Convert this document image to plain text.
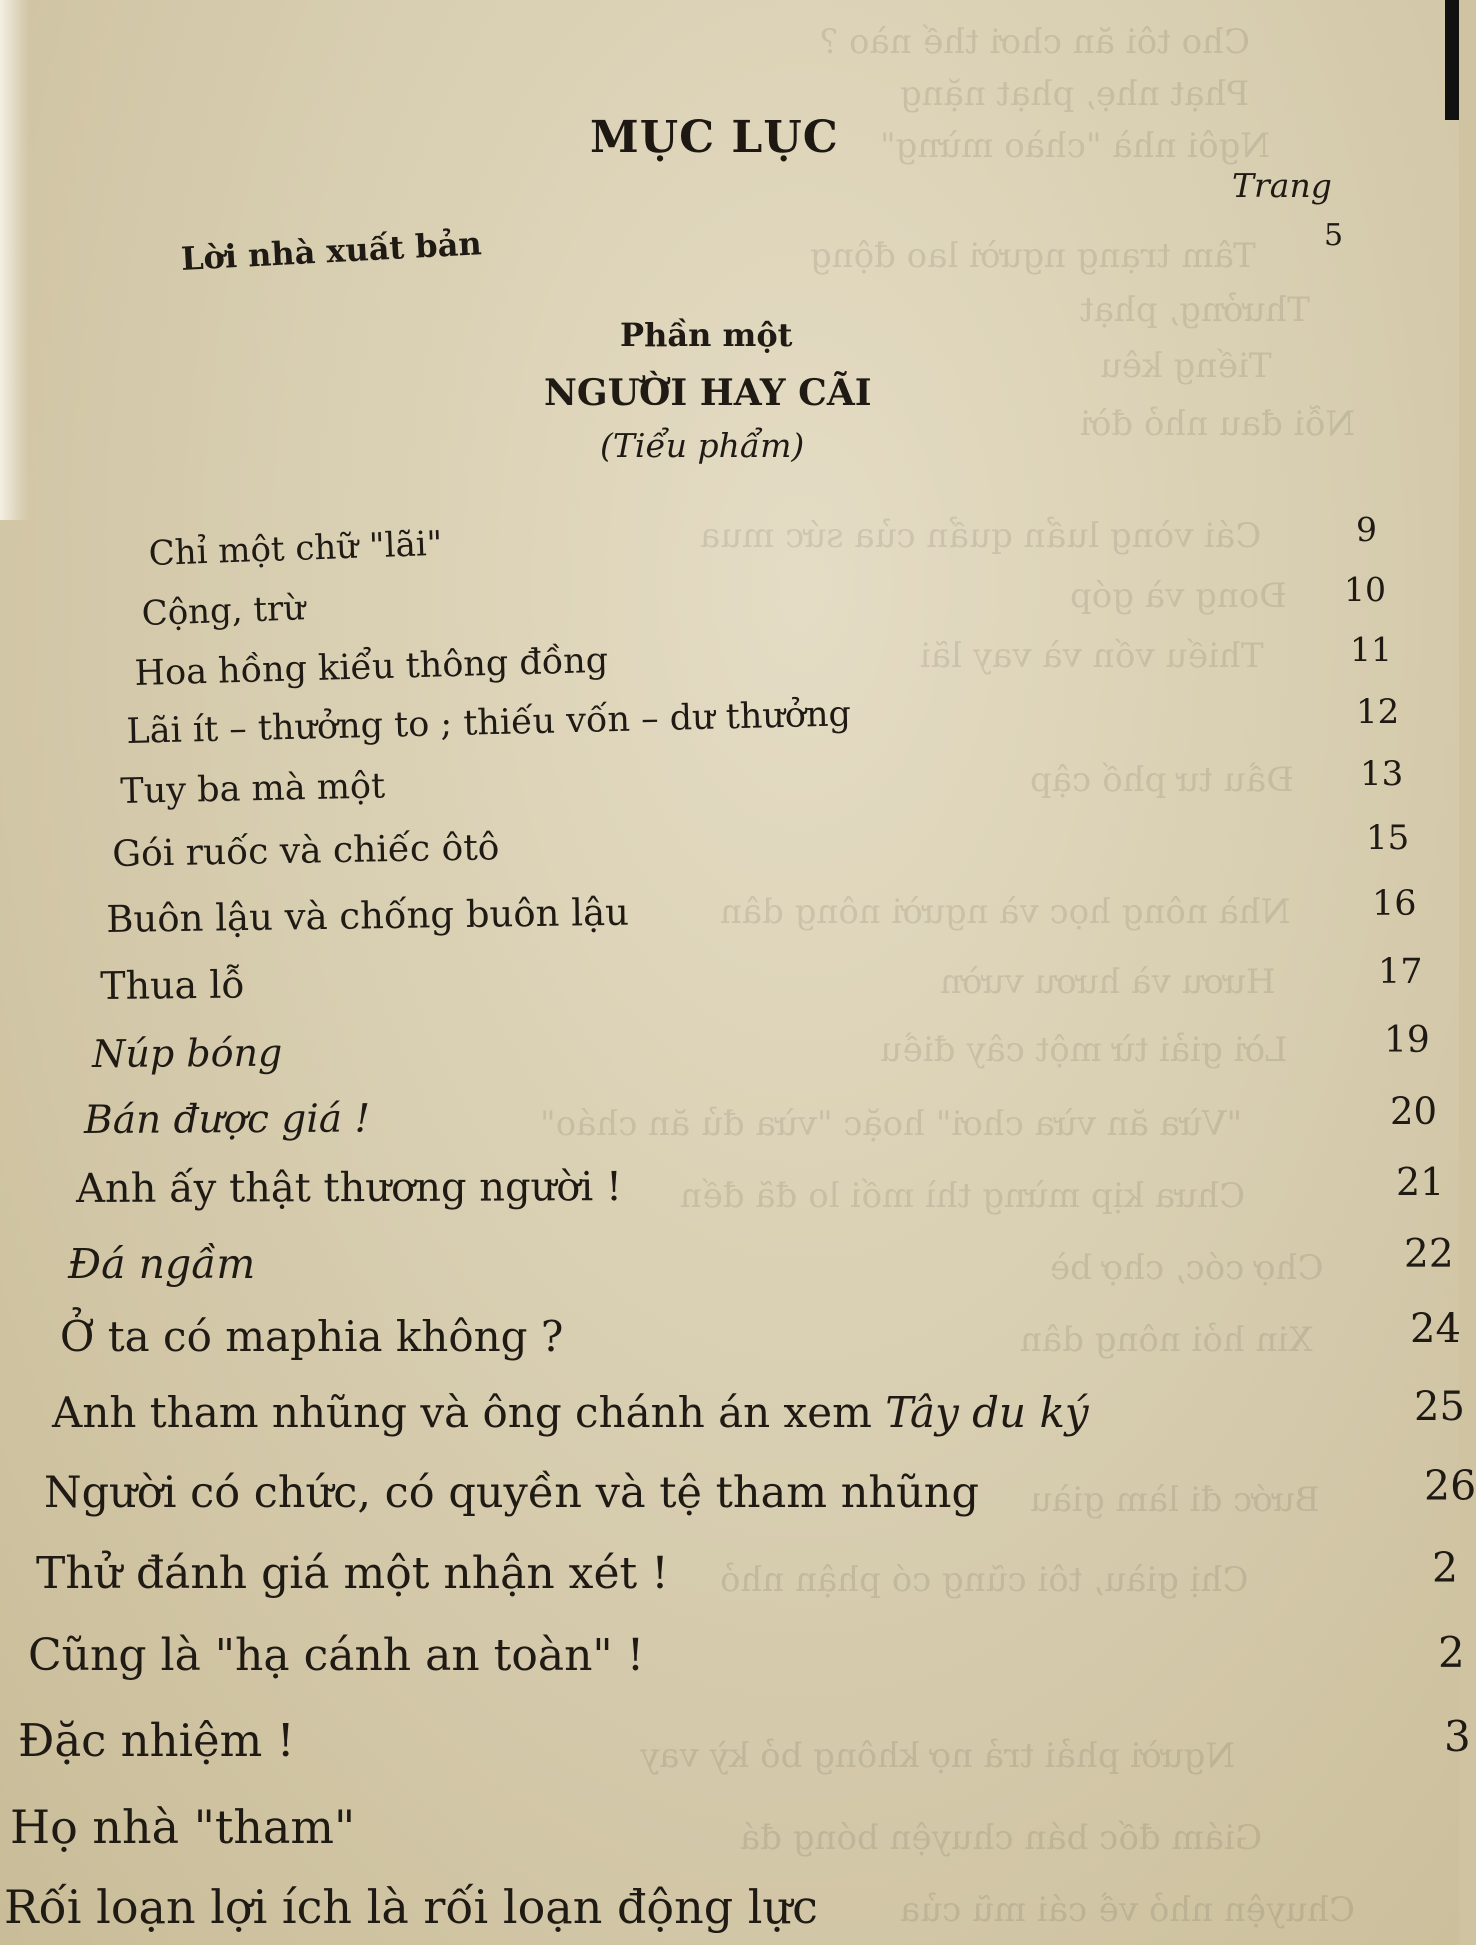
Cho tôi ăn chơi thế nào ?
Phạt nhẹ, phạt nặng
Ngôi nhà "chào mừng"
Tâm trạng người lao động
Thưởng, phạt
Tiếng kêu
Nỗi đau nhỏ đời
Cái vòng luẩn quẩn của sức mua
Đong và góp
Thiếu vốn và vay lãi
Đầu tư phố cập
Nhà nông học và người nông dân
Hươu và hươu vườn
Lời giải từ một cây điều
"Vừa ăn vừa chơi" hoặc "vừa đủ ăn cháo"
Chưa kịp mừng thì mối lo đã đến
Chợ cóc, chợ bè
Xin hỏi nông dân
Bước đi làm giàu
Chị giàu, tôi cũng có phận nhỏ
Người phải trả nợ không bỏ kỳ vay
Giám đốc bán chuyện bóng đá
Chuyện nhỏ về cái mũ của
MỤC LỤC
Trang
Lời nhà xuất bản	5
Phần một
NGƯỜI HAY CÃI
(Tiểu phẩm)
Chỉ một chữ "lãi"	9
Cộng, trừ	10
Hoa hồng kiểu thông đồng	11
Lãi ít – thưởng to ; thiếu vốn – dư thưởng	12
Tuy ba mà một	13
Gói ruốc và chiếc ôtô	15
Buôn lậu và chống buôn lậu	16
Thua lỗ	17
Núp bóng	19
Bán được giá !	20
Anh ấy thật thương người !	21
Đá ngầm	22
Ở ta có maphia không ?	24
Anh tham nhũng và ông chánh án xem Tây du ký	25
Người có chức, có quyền và tệ tham nhũng	26
Thử đánh giá một nhận xét !	2
Cũng là "hạ cánh an toàn" !	2
Đặc nhiệm !	3
Họ nhà "tham"
Rối loạn lợi ích là rối loạn động lực
